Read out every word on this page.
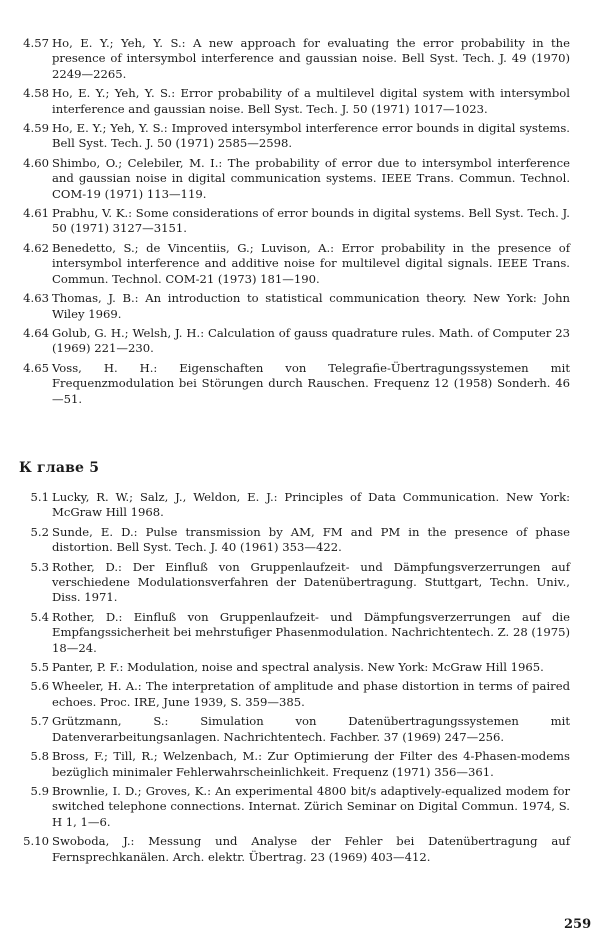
4.57 Ho, E. Y.; Yeh, Y. S.: A new approach for evaluating the error probability in the presence of intersymbol interference and gaussian noise. Bell Syst. Tech. J. 49 (1970) 2249—2265.
4.58 Ho, E. Y.; Yeh, Y. S.: Error probability of a multilevel digital system with intersymbol interference and gaussian noise. Bell Syst. Tech. J. 50 (1971) 1017—1023.
4.59 Ho, E. Y.; Yeh, Y. S.: Improved intersymbol interference error bounds in digital systems. Bell Syst. Tech. J. 50 (1971) 2585—2598.
4.60 Shimbo, O.; Celebiler, M. I.: The probability of error due to intersymbol interference and gaussian noise in digital communication systems. IEEE Trans. Commun. Technol. COM-19 (1971) 113—119.
4.61 Prabhu, V. K.: Some considerations of error bounds in digital systems. Bell Syst. Tech. J. 50 (1971) 3127—3151.
4.62 Benedetto, S.; de Vincentiis, G.; Luvison, A.: Error probability in the presence of intersymbol interference and additive noise for multilevel digital signals. IEEE Trans. Commun. Technol. COM-21 (1973) 181—190.
4.63 Thomas, J. B.: An introduction to statistical communication theory. New York: John Wiley 1969.
4.64 Golub, G. H.; Welsh, J. H.: Calculation of gauss quadrature rules. Math. of Computer 23 (1969) 221—230.
4.65 Voss, H. H.: Eigenschaften von Telegrafie-Übertragungssystemen mit Frequenzmodulation bei Störungen durch Rauschen. Frequenz 12 (1958) Sonderh. 46—51.
К главе 5
5.1 Lucky, R. W.; Salz, J., Weldon, E. J.: Principles of Data Communication. New York: McGraw Hill 1968.
5.2 Sunde, E. D.: Pulse transmission by AM, FM and PM in the presence of phase distortion. Bell Syst. Tech. J. 40 (1961) 353—422.
5.3 Rother, D.: Der Einfluß von Gruppenlaufzeit- und Dämpfungsverzerrungen auf verschiedene Modulationsverfahren der Datenübertragung. Stuttgart, Techn. Univ., Diss. 1971.
5.4 Rother, D.: Einfluß von Gruppenlaufzeit- und Dämpfungsverzerrungen auf die Empfangssicherheit bei mehrstufiger Phasenmodulation. Nachrichtentech. Z. 28 (1975) 18—24.
5.5 Panter, P. F.: Modulation, noise and spectral analysis. New York: McGraw Hill 1965.
5.6 Wheeler, H. A.: The interpretation of amplitude and phase distortion in terms of paired echoes. Proc. IRE, June 1939, S. 359—385.
5.7 Grützmann, S.: Simulation von Datenübertragungssystemen mit Datenverarbeitungsanlagen. Nachrichtentech. Fachber. 37 (1969) 247—256.
5.8 Bross, F.; Till, R.; Welzenbach, M.: Zur Optimierung der Filter des 4-Phasen-modems bezüglich minimaler Fehlerwahrscheinlichkeit. Frequenz (1971) 356—361.
5.9 Brownlie, I. D.; Groves, K.: An experimental 4800 bit/s adaptively-equalized modem for switched telephone connections. Internat. Zürich Seminar on Digital Commun. 1974, S. H 1, 1—6.
5.10 Swoboda, J.: Messung und Analyse der Fehler bei Datenübertragung auf Fernsprechkanälen. Arch. elektr. Übertrag. 23 (1969) 403—412.
259
